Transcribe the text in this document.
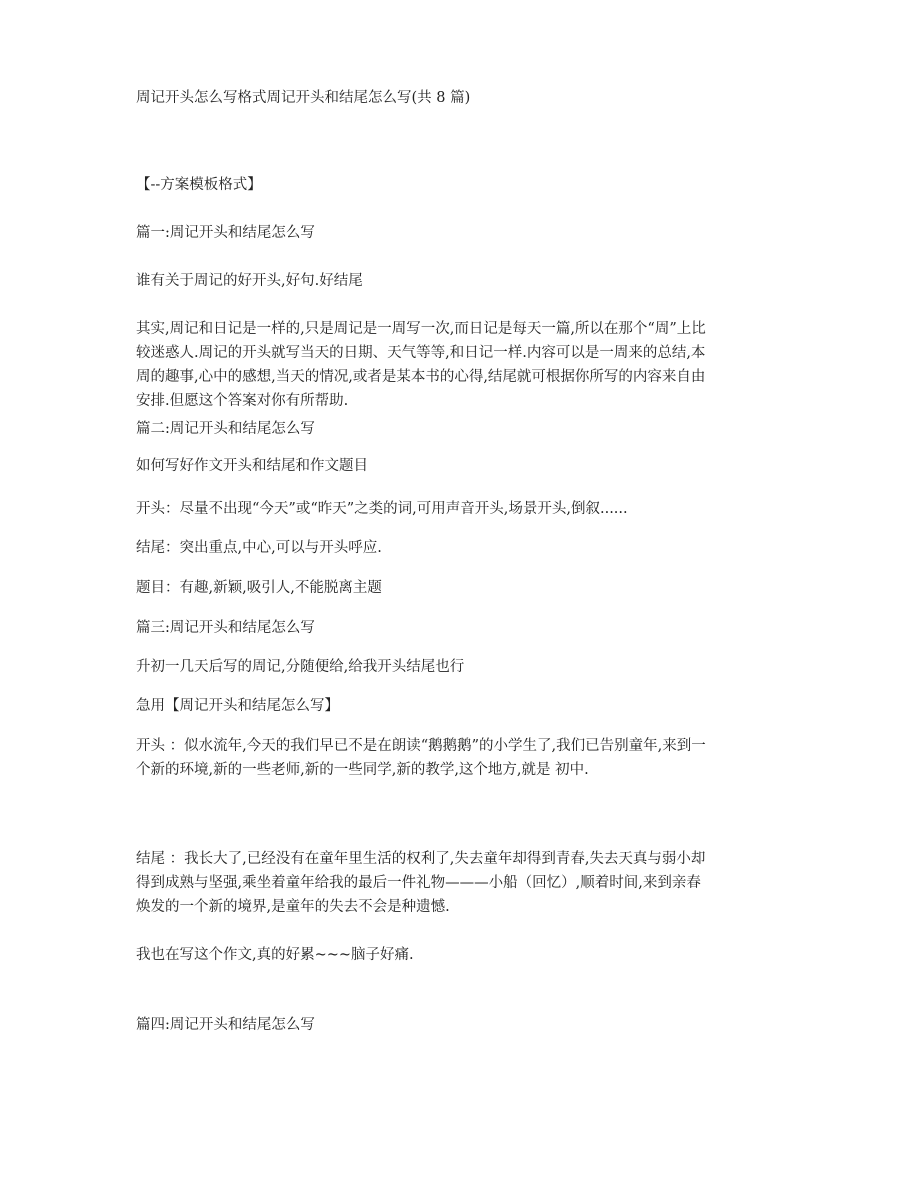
周记开头怎么写格式周记开头和结尾怎么写(共 8 篇)
【--方案模板格式】
篇一:周记开头和结尾怎么写
谁有关于周记的好开头,好句.好结尾
其实,周记和日记是一样的,只是周记是一周写一次,而日记是每天一篇,所以在那个“周”上比
较迷惑人.周记的开头就写当天的日期、天气等等,和日记一样.内容可以是一周来的总结,本
周的趣事,心中的感想,当天的情况,或者是某本书的心得,结尾就可根据你所写的内容来自由
安排.但愿这个答案对你有所帮助.
篇二:周记开头和结尾怎么写
如何写好作文开头和结尾和作文题目
开头：尽量不出现“今天”或“昨天”之类的词,可用声音开头,场景开头,倒叙......
结尾：突出重点,中心,可以与开头呼应.
题目：有趣,新颖,吸引人,不能脱离主题
篇三:周记开头和结尾怎么写
升初一几天后写的周记,分随便给,给我开头结尾也行
急用【周记开头和结尾怎么写】
开头 ：似水流年,今天的我们早已不是在朗读“鹅鹅鹅”的小学生了,我们已告别童年,来到一
个新的环境,新的一些老师,新的一些同学,新的教学,这个地方,就是 初中.
结尾 ：我长大了,已经没有在童年里生活的权利了,失去童年却得到青春,失去天真与弱小却
得到成熟与坚强,乘坐着童年给我的最后一件礼物———小船（回忆）,顺着时间,来到亲春
焕发的一个新的境界,是童年的失去不会是种遗憾.
我也在写这个作文,真的好累~~~脑子好痛.
篇四:周记开头和结尾怎么写
